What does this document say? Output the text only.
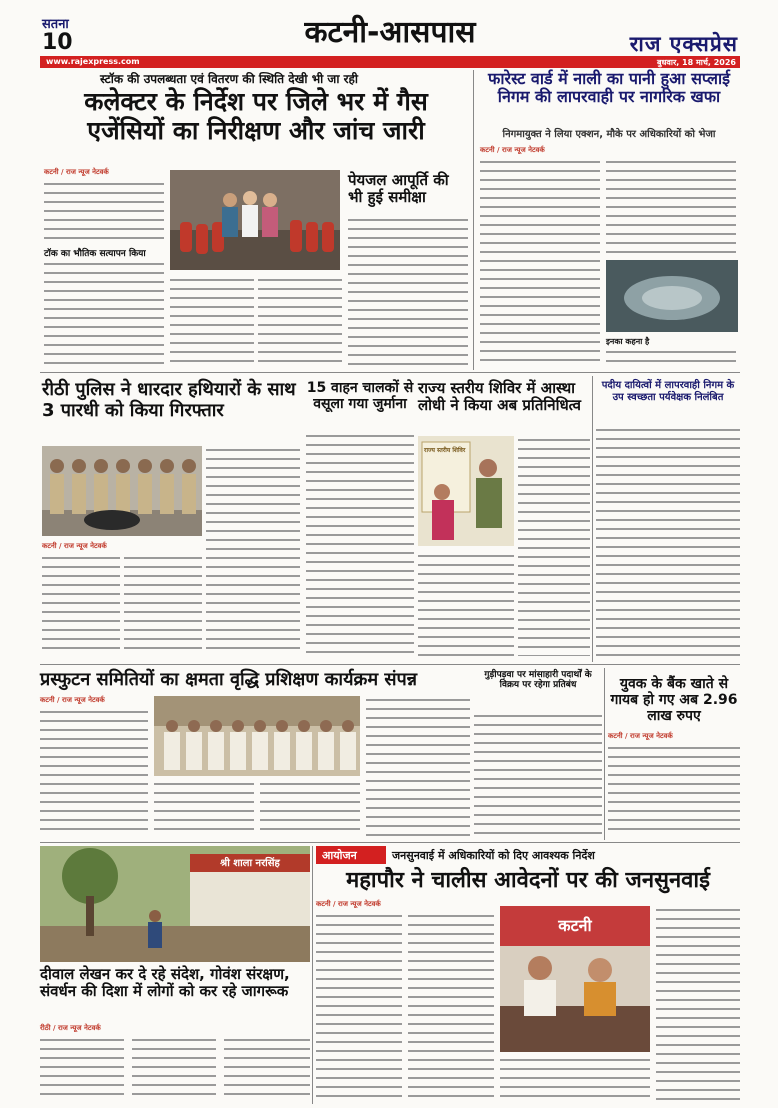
सतना
10	कटनी-आसपास	राज एक्सप्रेस
www.rajexpress.com	बुधवार, 18 मार्च, 2026
स्टॉक की उपलब्धता एवं वितरण की स्थिति देखी भी जा रही
कलेक्टर के निर्देश पर जिले भर में गैस एजेंसियों का निरीक्षण और जांच जारी
कटनी / राज न्यूज नेटवर्क
टॉक का भौतिक सत्यापन किया
पेयजल आपूर्ति की भी हुई समीक्षा
फारेस्ट वार्ड में नाली का पानी हुआ सप्लाई निगम की लापरवाही पर नागरिक खफा
निगमायुक्त ने लिया एक्शन, मौके पर अधिकारियों को भेजा
कटनी / राज न्यूज नेटवर्क
इनका कहना है
रीठी पुलिस ने धारदार हथियारों के साथ 3 पारधी को किया गिरफ्तार
कटनी / राज न्यूज नेटवर्क
15 वाहन चालकों से वसूला गया जुर्माना
राज्य स्तरीय शिविर में आस्था लोधी ने किया अब प्रतिनिधित्व
राज्य स्तरीय शिविर
पदीय दायित्वों में लापरवाही निगम के उप स्वच्छता पर्यवेक्षक निलंबित
प्रस्फुटन समितियों का क्षमता वृद्धि प्रशिक्षण कार्यक्रम संपन्न
कटनी / राज न्यूज नेटवर्क
गुड़ीपड़वा पर मांसाहारी पदार्थों के विक्रय पर रहेगा प्रतिबंध	युवक के बैंक खाते से गायब हो गए अब 2.96 लाख रुपए
कटनी / राज न्यूज नेटवर्क
श्री शाला नरसिंह
दीवाल लेखन कर दे रहे संदेश, गोवंश संरक्षण, संवर्धन की दिशा में लोगों को कर रहे जागरूक
रीठी / राज न्यूज नेटवर्क
आयोजन	जनसुनवाई में अधिकारियों को दिए आवश्यक निर्देश
महापौर ने चालीस आवेदनों पर की जनसुनवाई
कटनी / राज न्यूज नेटवर्क
कटनी
